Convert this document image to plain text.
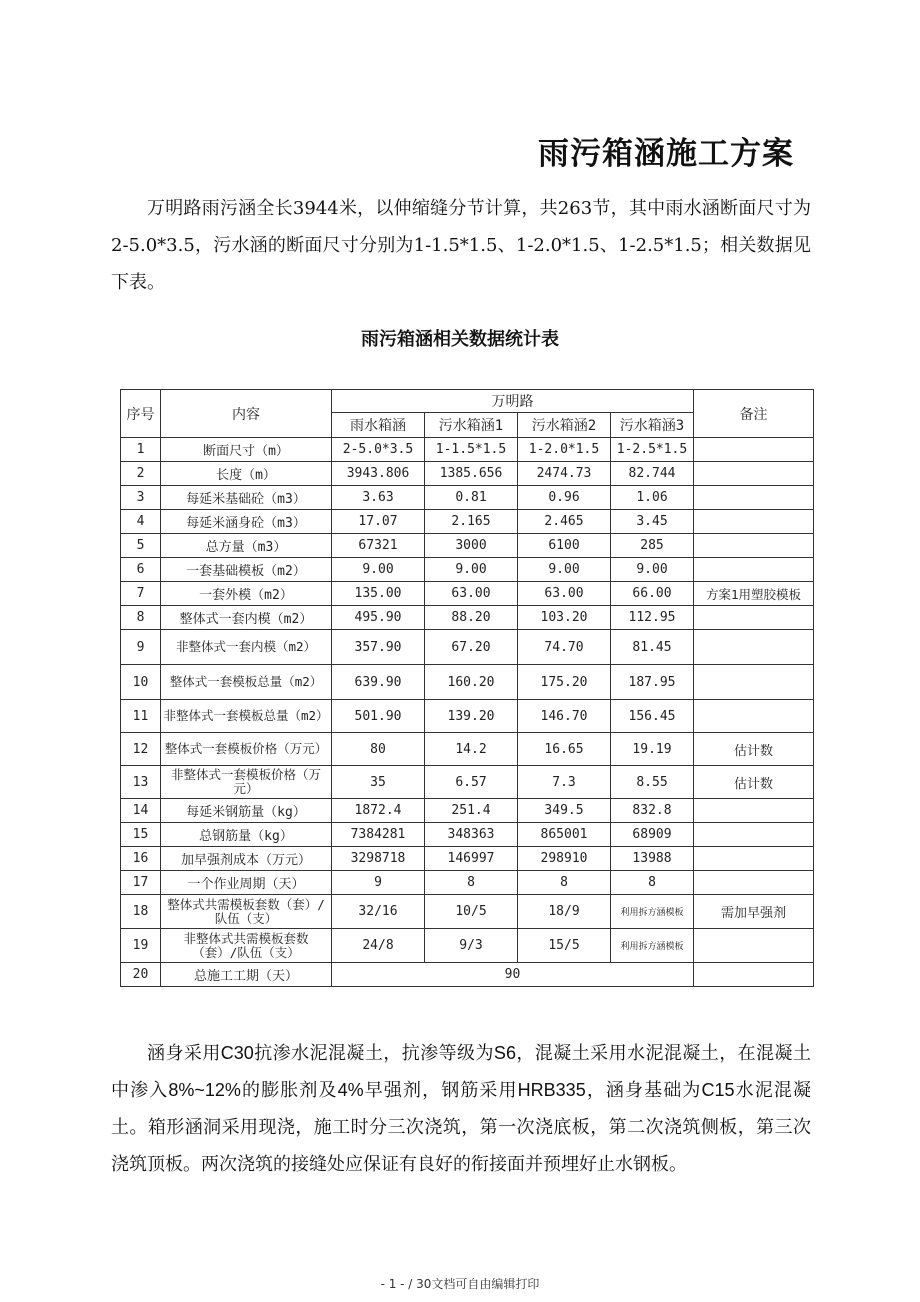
雨污箱涵施工方案

万明路雨污涵全长3944米，以伸缩缝分节计算，共263节，其中雨水涵断面尺寸为2-5.0*3.5，污水涵的断面尺寸分别为1-1.5*1.5、1-2.0*1.5、1-2.5*1.5；相关数据见下表。

雨污箱涵相关数据统计表
序号	内容	万明路				备注
		雨水箱涵	污水箱涵1	污水箱涵2	污水箱涵3	
1	断面尺寸（m）	2-5.0*3.5	1-1.5*1.5	1-2.0*1.5	1-2.5*1.5	
2	长度（m）	3943.806	1385.656	2474.73	82.744	
3	每延米基础砼（m3）	3.63	0.81	0.96	1.06	
4	每延米涵身砼（m3）	17.07	2.165	2.465	3.45	
5	总方量（m3）	67321	3000	6100	285	
6	一套基础模板（m2）	9.00	9.00	9.00	9.00	
7	一套外模（m2）	135.00	63.00	63.00	66.00	方案1用塑胶模板
8	整体式一套内模（m2）	495.90	88.20	103.20	112.95	
9	非整体式一套内模（m2）	357.90	67.20	74.70	81.45	
10	整体式一套模板总量（m2）	639.90	160.20	175.20	187.95	
11	非整体式一套模板总量（m2）	501.90	139.20	146.70	156.45	
12	整体式一套模板价格（万元）	80	14.2	16.65	19.19	估计数
13	非整体式一套模板价格（万元）	35	6.57	7.3	8.55	估计数
14	每延米钢筋量（kg）	1872.4	251.4	349.5	832.8	
15	总钢筋量（kg）	7384281	348363	865001	68909	
16	加早强剂成本（万元）	3298718	146997	298910	13988	
17	一个作业周期（天）	9	8	8	8	
18	整体式共需模板套数（套）/队伍（支）	32/16	10/5	18/9	利用拆方涵模板	需加早强剂
19	非整体式共需模板套数（套）/队伍（支）	24/8	9/3	15/5	利用拆方涵模板	
20	总施工工期（天）	90				

涵身采用C30抗渗水泥混凝土，抗渗等级为S6，混凝土采用水泥混凝土，在混凝土中渗入8%~12%的膨胀剂及4%早强剂，钢筋采用HRB335，涵身基础为C15水泥混凝土。箱形涵洞采用现浇，施工时分三次浇筑，第一次浇底板，第二次浇筑侧板，第三次浇筑顶板。两次浇筑的接缝处应保证有良好的衔接面并预埋好止水钢板。

- 1 - / 30文档可自由编辑打印
